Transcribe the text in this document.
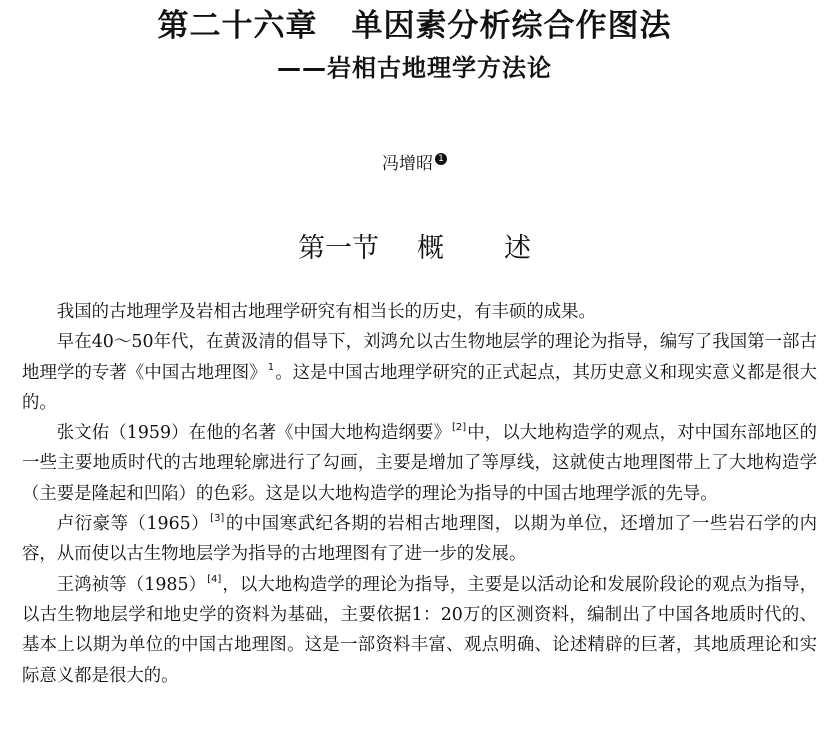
第二十六章 单因素分析综合作图法
——岩相古地理学方法论
冯增昭 1
第一节 概 述

我国的古地理学及岩相古地理学研究有相当长的历史，有丰硕的成果。

早在40～50年代，在黄汲清的倡导下，刘鸿允以古生物地层学的理论为指导，编写了我国第一部古地理学的专著《中国古地理图》$^1$。这是中国古地理学研究的正式起点，其历史意义和现实意义都是很大的。

张文佑（1959）在他的名著《中国大地构造纲要》[2]中，以大地构造学的观点，对中国东部地区的一些主要地质时代的古地理轮廓进行了勾画，主要是增加了等厚线，这就使古地理图带上了大地构造学（主要是隆起和凹陷）的色彩。这是以大地构造学的理论为指导的中国古地理学派的先导。

卢衍豪等（1965）[3]的中国寒武纪各期的岩相古地理图，以期为单位，还增加了一些岩石学的内容，从而使以古生物地层学为指导的古地理图有了进一步的发展。

王鸿祯等（1985）[4]，以大地构造学的理论为指导，主要是以活动论和发展阶段论的观点为指导，以古生物地层学和地史学的资料为基础，主要依据1：20万的区测资料，编制出了中国各地质时代的、基本上以期为单位的中国古地理图。这是一部资料丰富、观点明确、论述精辟的巨著，其地质理论和实际意义都是很大的。
